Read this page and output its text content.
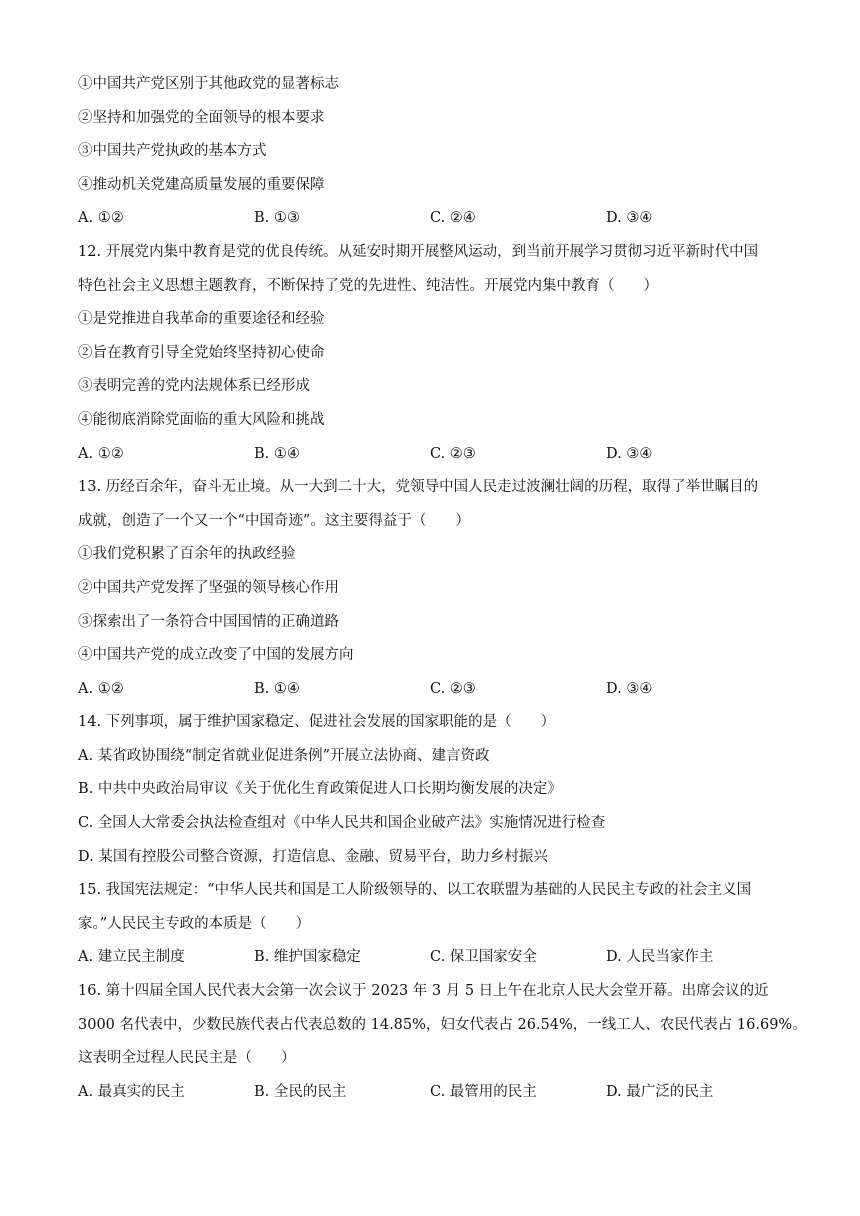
①中国共产党区别于其他政党的显著标志
②坚持和加强党的全面领导的根本要求
③中国共产党执政的基本方式
④推动机关党建高质量发展的重要保障
A. ①②	B. ①③	C. ②④	D. ③④
12. 开展党内集中教育是党的优良传统。从延安时期开展整风运动，到当前开展学习贯彻习近平新时代中国
特色社会主义思想主题教育，不断保持了党的先进性、纯洁性。开展党内集中教育（　　）
①是党推进自我革命的重要途径和经验
②旨在教育引导全党始终坚持初心使命
③表明完善的党内法规体系已经形成
④能彻底消除党面临的重大风险和挑战
A. ①②	B. ①④	C. ②③	D. ③④
13. 历经百余年，奋斗无止境。从一大到二十大，党领导中国人民走过波澜壮阔的历程，取得了举世瞩目的
成就，创造了一个又一个“中国奇迹”。这主要得益于（　　）
①我们党积累了百余年的执政经验
②中国共产党发挥了坚强的领导核心作用
③探索出了一条符合中国国情的正确道路
④中国共产党的成立改变了中国的发展方向
A. ①②	B. ①④	C. ②③	D. ③④
14. 下列事项，属于维护国家稳定、促进社会发展的国家职能的是（　　）
A. 某省政协围绕“制定省就业促进条例”开展立法协商、建言资政
B. 中共中央政治局审议《关于优化生育政策促进人口长期均衡发展的决定》
C. 全国人大常委会执法检查组对《中华人民共和国企业破产法》实施情况进行检查
D. 某国有控股公司整合资源，打造信息、金融、贸易平台，助力乡村振兴
15. 我国宪法规定：“中华人民共和国是工人阶级领导的、以工农联盟为基础的人民民主专政的社会主义国
家。”人民民主专政的本质是（　　）
A. 建立民主制度	B. 维护国家稳定	C. 保卫国家安全	D. 人民当家作主
16. 第十四届全国人民代表大会第一次会议于 2023 年 3 月 5 日上午在北京人民大会堂开幕。出席会议的近
3000 名代表中，少数民族代表占代表总数的 14.85%，妇女代表占 26.54%，一线工人、农民代表占 16.69%。
这表明全过程人民民主是（　　）
A. 最真实的民主	B. 全民的民主	C. 最管用的民主	D. 最广泛的民主
